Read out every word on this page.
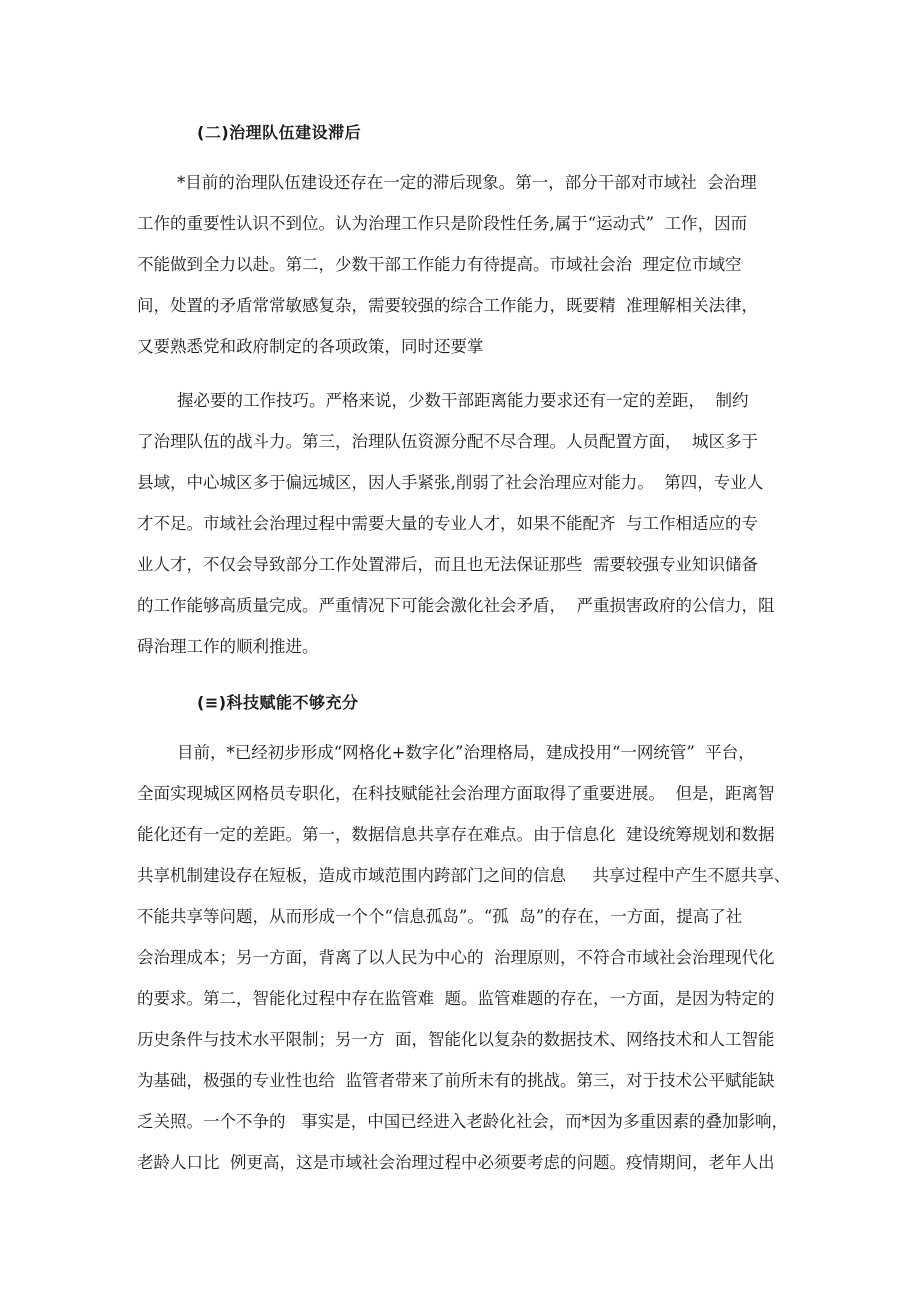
(二)治理队伍建设滞后
*目前的治理队伍建设还存在一定的滞后现象。第一，部分干部对市域社  会治理
工作的重要性认识不到位。认为治理工作只是阶段性任务,属于“运动式”  工作，因而
不能做到全力以赴。第二，少数干部工作能力有待提高。市域社会治  理定位市域空
间，处置的矛盾常常敏感复杂，需要较强的综合工作能力，既要精  准理解相关法律，
又要熟悉党和政府制定的各项政策，同时还要掌
握必要的工作技巧。严格来说，少数干部距离能力要求还有一定的差距，  制约
了治理队伍的战斗力。第三，治理队伍资源分配不尽合理。人员配置方面，  城区多于
县域，中心城区多于偏远城区，因人手紧张,削弱了社会治理应对能力。  第四，专业人
才不足。市域社会治理过程中需要大量的专业人才，如果不能配齐  与工作相适应的专
业人才，不仅会导致部分工作处置滞后，而且也无法保证那些  需要较强专业知识储备
的工作能够高质量完成。严重情况下可能会激化社会矛盾，  严重损害政府的公信力，阻
碍治理工作的顺利推进。
(≡)科技赋能不够充分
目前，*已经初步形成“网格化+数字化”治理格局，建成投用“一网统管”  平台，
全面实现城区网格员专职化，在科技赋能社会治理方面取得了重要进展。  但是，距离智
能化还有一定的差距。第一，数据信息共享存在难点。由于信息化  建设统筹规划和数据
共享机制建设存在短板，造成市域范围内跨部门之间的信息     共享过程中产生不愿共享、
不能共享等问题，从而形成一个个“信息孤岛”。“孤  岛”的存在，一方面，提高了社
会治理成本；另一方面，背离了以人民为中心的  治理原则，不符合市域社会治理现代化
的要求。第二，智能化过程中存在监管难  题。监管难题的存在，一方面，是因为特定的
历史条件与技术水平限制；另一方  面，智能化以复杂的数据技术、网络技术和人工智能
为基础，极强的专业性也给  监管者带来了前所未有的挑战。第三，对于技术公平赋能缺
乏关照。一个不争的   事实是，中国已经进入老龄化社会，而*因为多重因素的叠加影响，
老龄人口比  例更高，这是市域社会治理过程中必须要考虑的问题。疫情期间，老年人出
